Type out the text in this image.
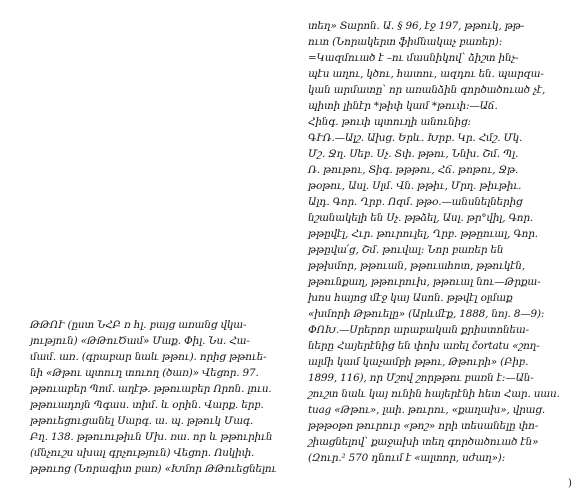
ԹԹՈՒ (ըստ ՆՀԲ ռ հլ. բայց առանց վկա-
յություն) «ԹԹուԾամ» Մաք. Փիլ. Նս. Հա-
մամ. առ. (գրաբար նաև թթու). որից թթուե-
նի «Թթու պտուղ տուող (ծառ)» Վեցոր. 97.
թթուաբեր Պոմ. աղէթ. թթուաբեր Որոն. լուս.
թթուադոյն Պգաս. տիմ. և օրին. Վարք. երբ.
թթուեցուցանել Սարգ. ա. պ. թթուկ Մագ.
Բղ. 138. թթուութիւն Մխ. ռա. որ և թթուրիւն
(մնչուշս սխալ գրչություն) Վեցոր. Ոսկիփ.
թթուոց (Նորագիտ բառ) «Խմոր ԹԹուեցնելու
տեղ» Տարոն. Ա. § 96, էջ 197, թթուկ, թթ-
ուտ (Նորակերտ ֆիմնակաչ բառեր):
=Կազմուած է –ու մասնիկով՝ ձիշտ ինչ-
պէս աղու, կծու, հատու, ազդու են. պարզա-
կան արմատը՝ որ առանձին գործածուած չէ,
պիտի լինէր *թիփ կամ *թուփ:—Աճ.
Հինգ. թուփ պտուղի անունից:
ԳՒՌ.—Ալշ. Ախց. Երև. Խրբ. Կր. Հմշ. Մկ.
Մշ. Ջղ. Սեբ. Սչ. Տփ. թթու, Ննխ. Շմ. Պլ.
Ռ. թութու, Տիգ. թթթու, Հճ. թոթու, Ջթ.
թօթու, Ասլ. Սլմ. Վն. թթիւ, Մրղ. թիւթիւ.
Ալդ. Գոր. Ղրբ. Ոզմ. թթօ.—անսնելներից
նշանակելի են Սչ. թթձել, Ասլ. թր°վիլ, Գոր.
թթըվէլ, Հւր. թուրուլել, Ղրբ. թթըուալ, Գոր.
թթըվա՛ց, Շմ. թուվալ: Նոր բառեր են
թթխմոր, թթուան, թթուահոտ, թթուկէն,
թթունքաղ, թթուրուխ, թթուալ նու—Թրքա-
խոս հայոց մէջ կայ Ասոն. թթվէլ օլմաք
«խմորի Թթուելը» (Արևմէք, 1888, նոյ. 8—9):
ՓՈԽ.—Սրերոր արաբական քրիստոնեա-
ները Հայերէնից են փոխ առել čortatu «շող-
ալմի կամ կաչամբի թթու, Թթուրի» (Բիբ.
1899, 116), որ Մշով շորթթու բառն է:—Ան-
շուշտ նաև կայ ունին հայերէնի հետ Հար. սաս.
tuag «Թթու», լաի. թուրու, «քաղախ», վրաց.
թթթօթո թուրուր «թոշ» որի տեսանելը փո-
շիացնելով՝ քաջախի տեղ գործածուած էն»
(Զուր.² 570 դնում է «ալտոր, սժաղ»):
)
